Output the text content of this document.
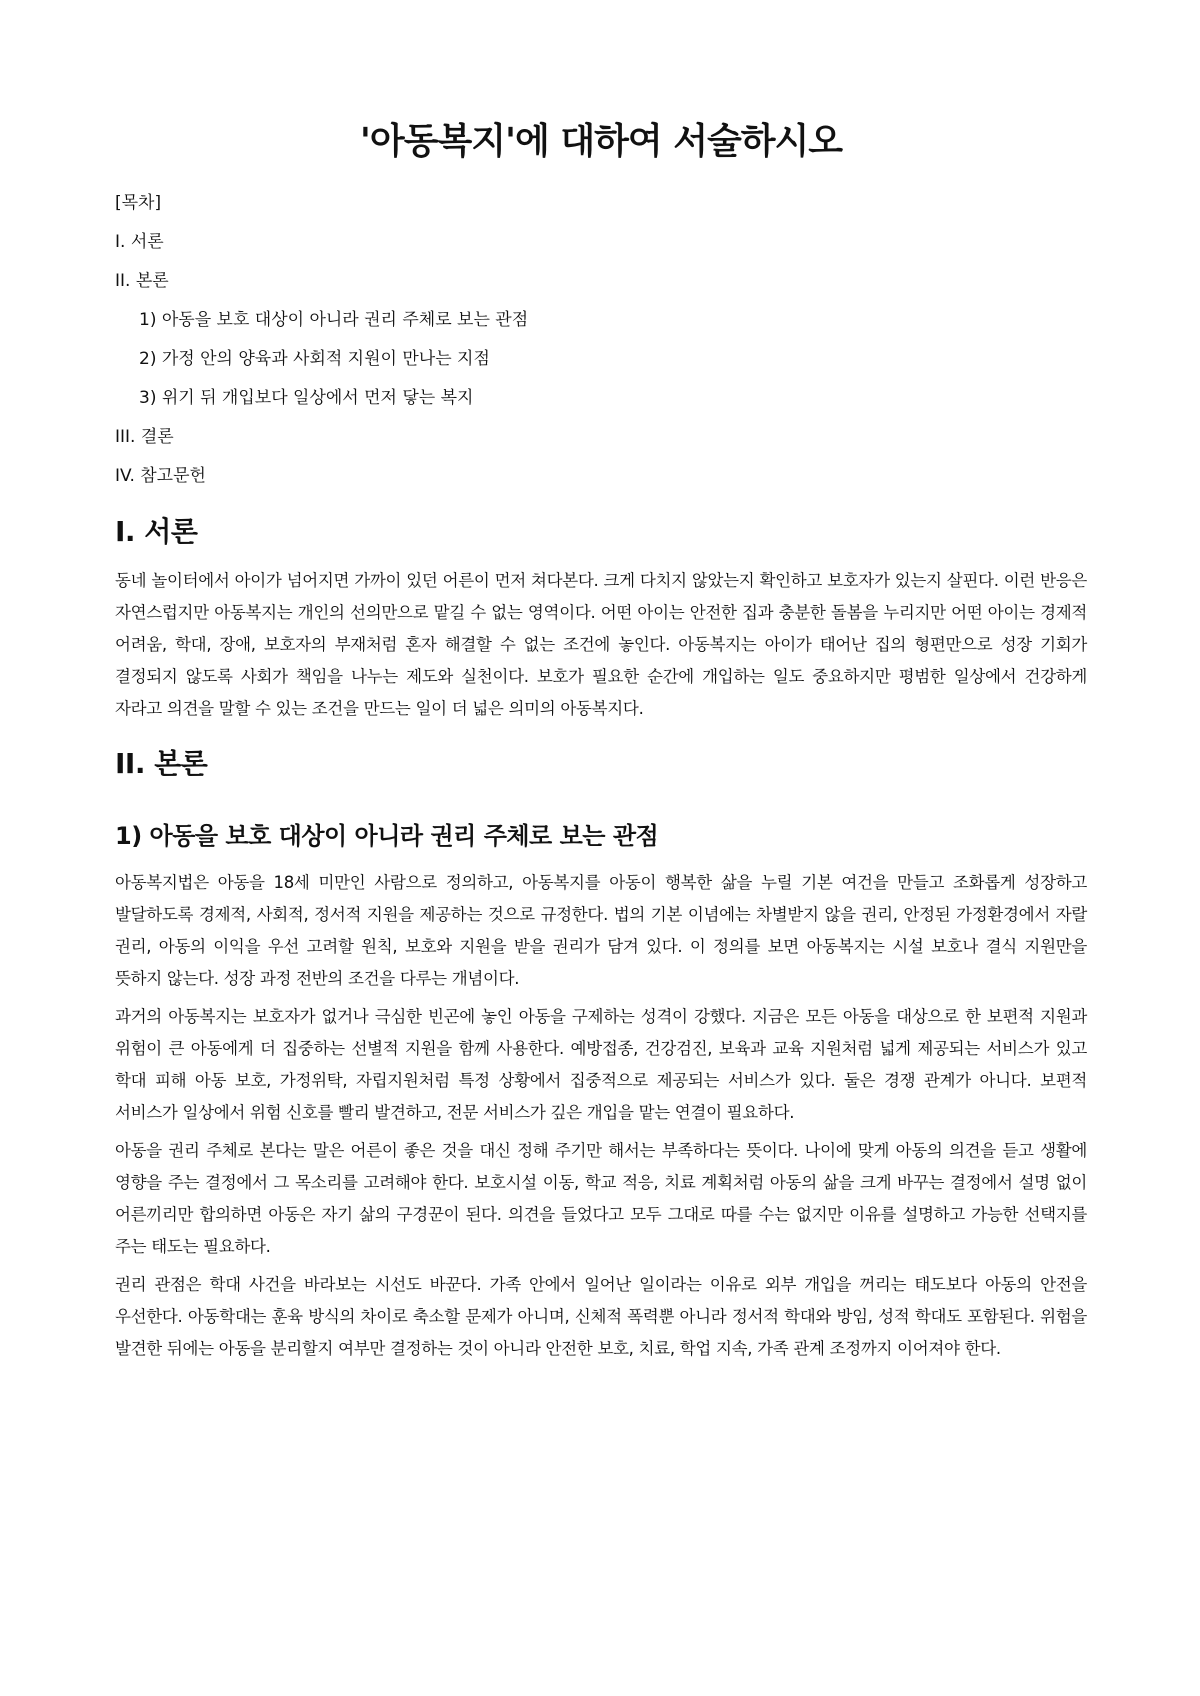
'아동복지'에 대하여 서술하시오
[목차]
I. 서론
II. 본론
1) 아동을 보호 대상이 아니라 권리 주체로 보는 관점
2) 가정 안의 양육과 사회적 지원이 만나는 지점
3) 위기 뒤 개입보다 일상에서 먼저 닿는 복지
III. 결론
IV. 참고문헌
I. 서론

동네 놀이터에서 아이가 넘어지면 가까이 있던 어른이 먼저 쳐다본다. 크게 다치지 않았는지 확인하고 보호자가 있는지 살핀다. 이런 반응은 자연스럽지만 아동복지는 개인의 선의만으로 맡길 수 없는 영역이다. 어떤 아이는 안전한 집과 충분한 돌봄을 누리지만 어떤 아이는 경제적 어려움, 학대, 장애, 보호자의 부재처럼 혼자 해결할 수 없는 조건에 놓인다. 아동복지는 아이가 태어난 집의 형편만으로 성장 기회가 결정되지 않도록 사회가 책임을 나누는 제도와 실천이다. 보호가 필요한 순간에 개입하는 일도 중요하지만 평범한 일상에서 건강하게 자라고 의견을 말할 수 있는 조건을 만드는 일이 더 넓은 의미의 아동복지다.

II. 본론
1) 아동을 보호 대상이 아니라 권리 주체로 보는 관점

아동복지법은 아동을 18세 미만인 사람으로 정의하고, 아동복지를 아동이 행복한 삶을 누릴 기본 여건을 만들고 조화롭게 성장하고 발달하도록 경제적, 사회적, 정서적 지원을 제공하는 것으로 규정한다. 법의 기본 이념에는 차별받지 않을 권리, 안정된 가정환경에서 자랄 권리, 아동의 이익을 우선 고려할 원칙, 보호와 지원을 받을 권리가 담겨 있다. 이 정의를 보면 아동복지는 시설 보호나 결식 지원만을 뜻하지 않는다. 성장 과정 전반의 조건을 다루는 개념이다.

과거의 아동복지는 보호자가 없거나 극심한 빈곤에 놓인 아동을 구제하는 성격이 강했다. 지금은 모든 아동을 대상으로 한 보편적 지원과 위험이 큰 아동에게 더 집중하는 선별적 지원을 함께 사용한다. 예방접종, 건강검진, 보육과 교육 지원처럼 넓게 제공되는 서비스가 있고 학대 피해 아동 보호, 가정위탁, 자립지원처럼 특정 상황에서 집중적으로 제공되는 서비스가 있다. 둘은 경쟁 관계가 아니다. 보편적 서비스가 일상에서 위험 신호를 빨리 발견하고, 전문 서비스가 깊은 개입을 맡는 연결이 필요하다.

아동을 권리 주체로 본다는 말은 어른이 좋은 것을 대신 정해 주기만 해서는 부족하다는 뜻이다. 나이에 맞게 아동의 의견을 듣고 생활에 영향을 주는 결정에서 그 목소리를 고려해야 한다. 보호시설 이동, 학교 적응, 치료 계획처럼 아동의 삶을 크게 바꾸는 결정에서 설명 없이 어른끼리만 합의하면 아동은 자기 삶의 구경꾼이 된다. 의견을 들었다고 모두 그대로 따를 수는 없지만 이유를 설명하고 가능한 선택지를 주는 태도는 필요하다.

권리 관점은 학대 사건을 바라보는 시선도 바꾼다. 가족 안에서 일어난 일이라는 이유로 외부 개입을 꺼리는 태도보다 아동의 안전을 우선한다. 아동학대는 훈육 방식의 차이로 축소할 문제가 아니며, 신체적 폭력뿐 아니라 정서적 학대와 방임, 성적 학대도 포함된다. 위험을 발견한 뒤에는 아동을 분리할지 여부만 결정하는 것이 아니라 안전한 보호, 치료, 학업 지속, 가족 관계 조정까지 이어져야 한다.
